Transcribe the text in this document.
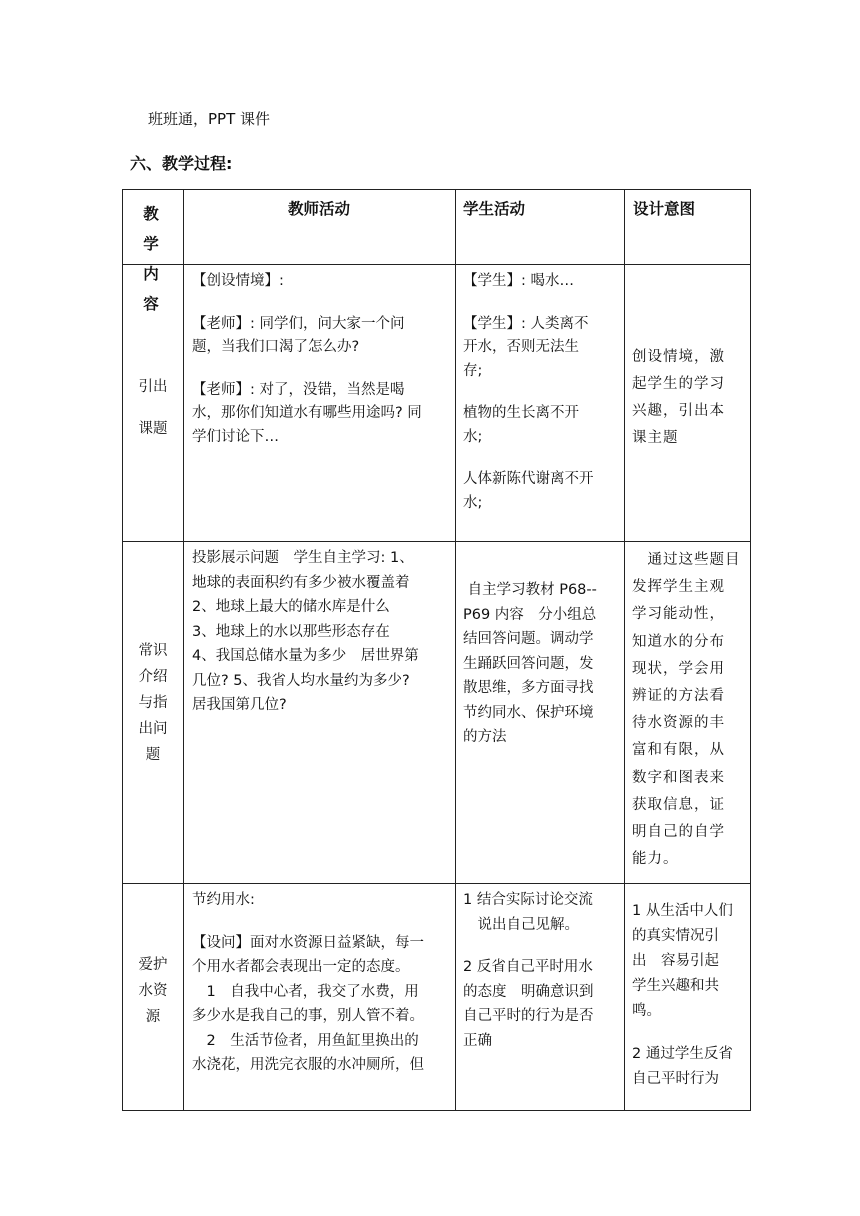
班班通，PPT 课件
六、教学过程:

教 学

内 容

教师活动	学生活动	设计意图

引出

课题

【创设情境】:

【老师】: 同学们，问大家一个问

题，当我们口渴了怎么办?

【老师】: 对了，没错，当然是喝

水，那你们知道水有哪些用途吗? 同

学们讨论下…

【学生】: 喝水…

【学生】: 人类离不

开水，否则无法生

存;

植物的生长离不开

水;

人体新陈代谢离不开

水;

创设情境，激

起学生的学习

兴趣，引出本

课主题

常识

介绍

与指

出问

题

投影展示问题　学生自主学习: 1、

地球的表面积约有多少被水覆盖着

2、地球上最大的储水库是什么

3、地球上的水以那些形态存在

4、我国总储水量为多少　居世界第

几位? 5、我省人均水量约为多少?

居我国第几位?

自主学习教材 P68--

P69 内容　分小组总

结回答问题。调动学

生踊跃回答问题，发

散思维，多方面寻找

节约同水、保护环境

的方法

　通过这些题目

发挥学生主观

学习能动性，

知道水的分布

现状，学会用

辨证的方法看

待水资源的丰

富和有限，从

数字和图表来

获取信息，证

明自己的自学

能力。

爱护

水资

源

节约用水:

【设问】面对水资源日益紧缺，每一

个用水者都会表现出一定的态度。

　1　自我中心者，我交了水费，用

多少水是我自己的事，别人管不着。

　2　生活节俭者，用鱼缸里换出的

水浇花，用洗完衣服的水冲厕所，但

1 结合实际讨论交流

　说出自己见解。

2 反省自己平时用水

的态度　明确意识到

自己平时的行为是否

正确

1 从生活中人们

的真实情况引

出　容易引起

学生兴趣和共

鸣。

2 通过学生反省

自己平时行为
